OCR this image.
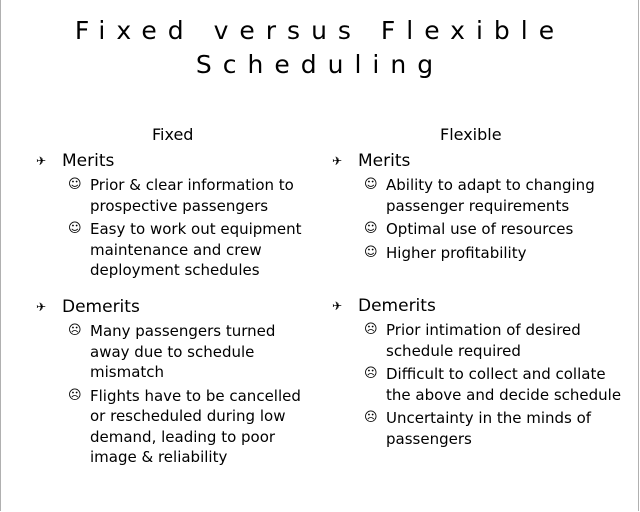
Fixed versus Flexible
Scheduling
Fixed
✈ Merits
☺ Prior & clear information to prospective passengers
☺ Easy to work out equipment maintenance and crew deployment schedules
✈ Demerits
☹ Many passengers turned away due to schedule mismatch
☹ Flights have to be cancelled or rescheduled during low demand, leading to poor image & reliability
Flexible
✈ Merits
☺ Ability to adapt to changing passenger requirements
☺ Optimal use of resources
☺ Higher profitability
✈ Demerits
☹ Prior intimation of desired schedule required
☹ Difficult to collect and collate the above and decide schedule
☹ Uncertainty in the minds of passengers
